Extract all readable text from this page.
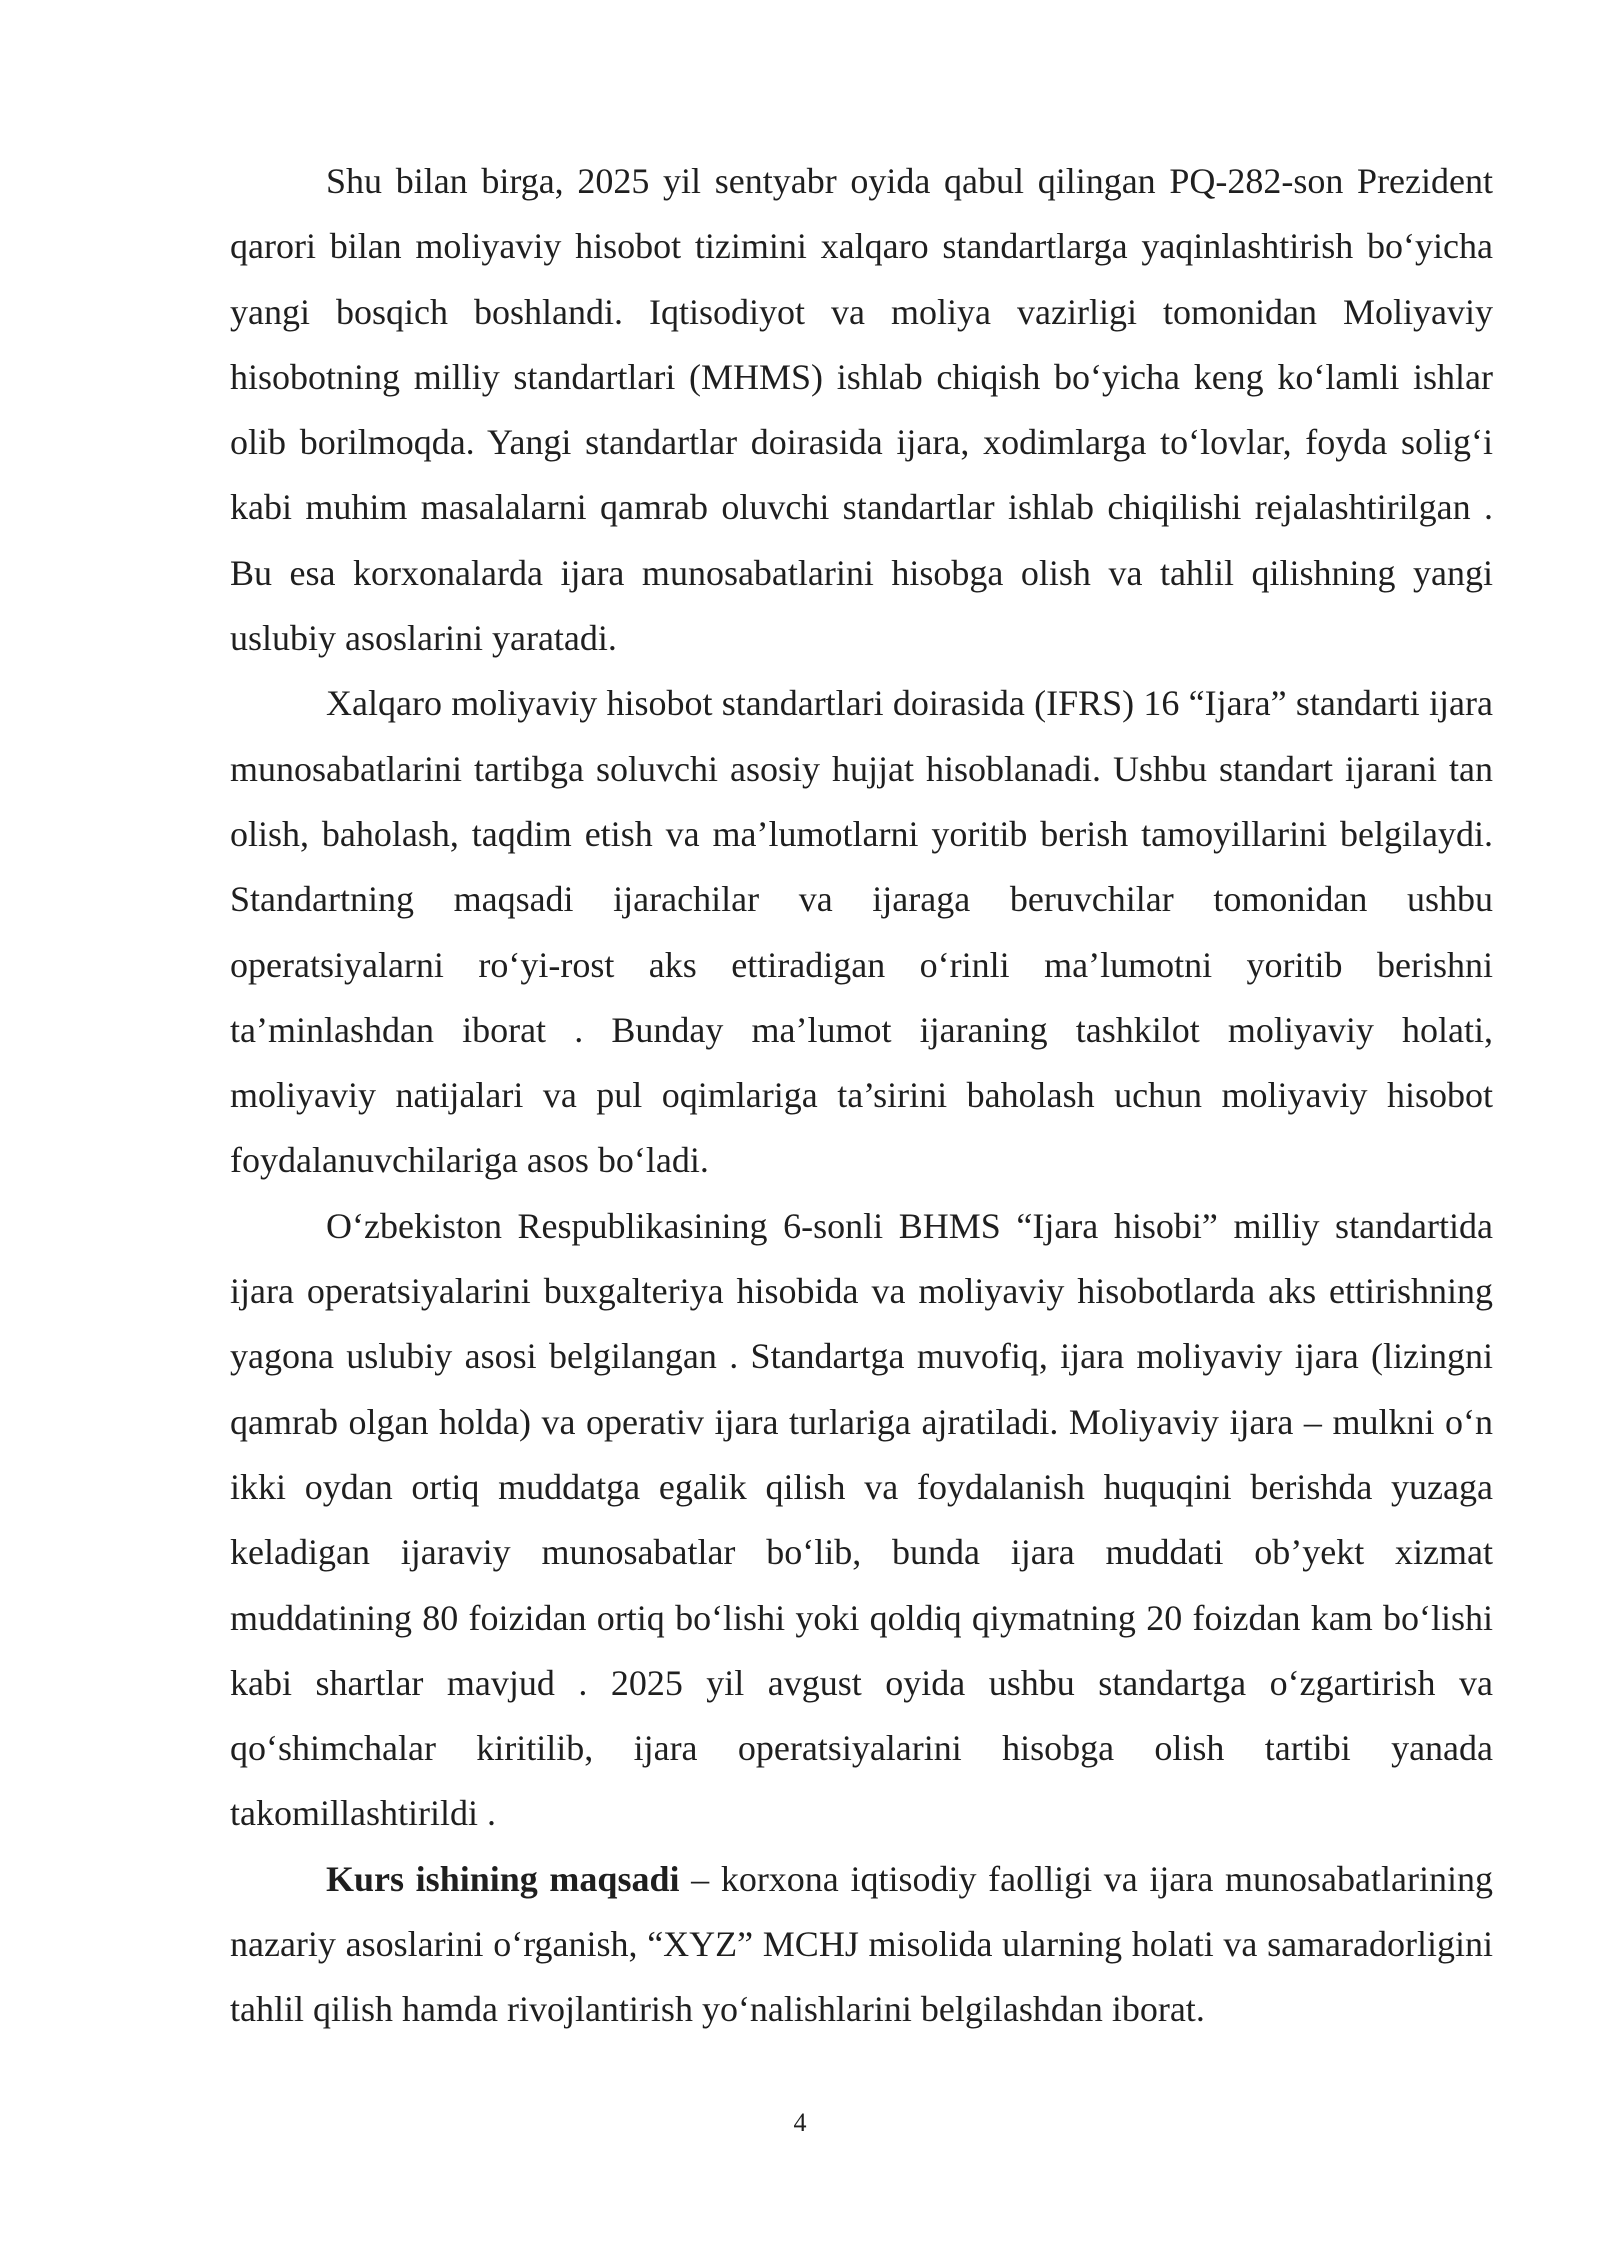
Shu bilan birga, 2025 yil sentyabr oyida qabul qilingan PQ-282-son Prezident qarori bilan moliyaviy hisobot tizimini xalqaro standartlarga yaqinlashtirish bo‘yicha yangi bosqich boshlandi. Iqtisodiyot va moliya vazirligi tomonidan Moliyaviy hisobotning milliy standartlari (MHMS) ishlab chiqish bo‘yicha keng ko‘lamli ishlar olib borilmoqda. Yangi standartlar doirasida ijara, xodimlarga to‘lovlar, foyda solig‘i kabi muhim masalalarni qamrab oluvchi standartlar ishlab chiqilishi rejalashtirilgan . Bu esa korxonalarda ijara munosabatlarini hisobga olish va tahlil qilishning yangi uslubiy asoslarini yaratadi.

Xalqaro moliyaviy hisobot standartlari doirasida (IFRS) 16 “Ijara” standarti ijara munosabatlarini tartibga soluvchi asosiy hujjat hisoblanadi. Ushbu standart ijarani tan olish, baholash, taqdim etish va ma’lumotlarni yoritib berish tamoyillarini belgilaydi. Standartning maqsadi ijarachilar va ijaraga beruvchilar tomonidan ushbu operatsiyalarni ro‘yi-rost aks ettiradigan o‘rinli ma’lumotni yoritib berishni ta’minlashdan iborat . Bunday ma’lumot ijaraning tashkilot moliyaviy holati, moliyaviy natijalari va pul oqimlariga ta’sirini baholash uchun moliyaviy hisobot foydalanuvchilariga asos bo‘ladi.

O‘zbekiston Respublikasining 6-sonli BHMS “Ijara hisobi” milliy standartida ijara operatsiyalarini buxgalteriya hisobida va moliyaviy hisobotlarda aks ettirishning yagona uslubiy asosi belgilangan . Standartga muvofiq, ijara moliyaviy ijara (lizingni qamrab olgan holda) va operativ ijara turlariga ajratiladi. Moliyaviy ijara – mulkni o‘n ikki oydan ortiq muddatga egalik qilish va foydalanish huquqini berishda yuzaga keladigan ijaraviy munosabatlar bo‘lib, bunda ijara muddati ob’yekt xizmat muddatining 80 foizidan ortiq bo‘lishi yoki qoldiq qiymatning 20 foizdan kam bo‘lishi kabi shartlar mavjud . 2025 yil avgust oyida ushbu standartga o‘zgartirish va qo‘shimchalar kiritilib, ijara operatsiyalarini hisobga olish tartibi yanada takomillashtirildi .

Kurs ishining maqsadi – korxona iqtisodiy faolligi va ijara munosabatlarining nazariy asoslarini o‘rganish, “XYZ” MCHJ misolida ularning holati va samaradorligini tahlil qilish hamda rivojlantirish yo‘nalishlarini belgilashdan iborat.

4
